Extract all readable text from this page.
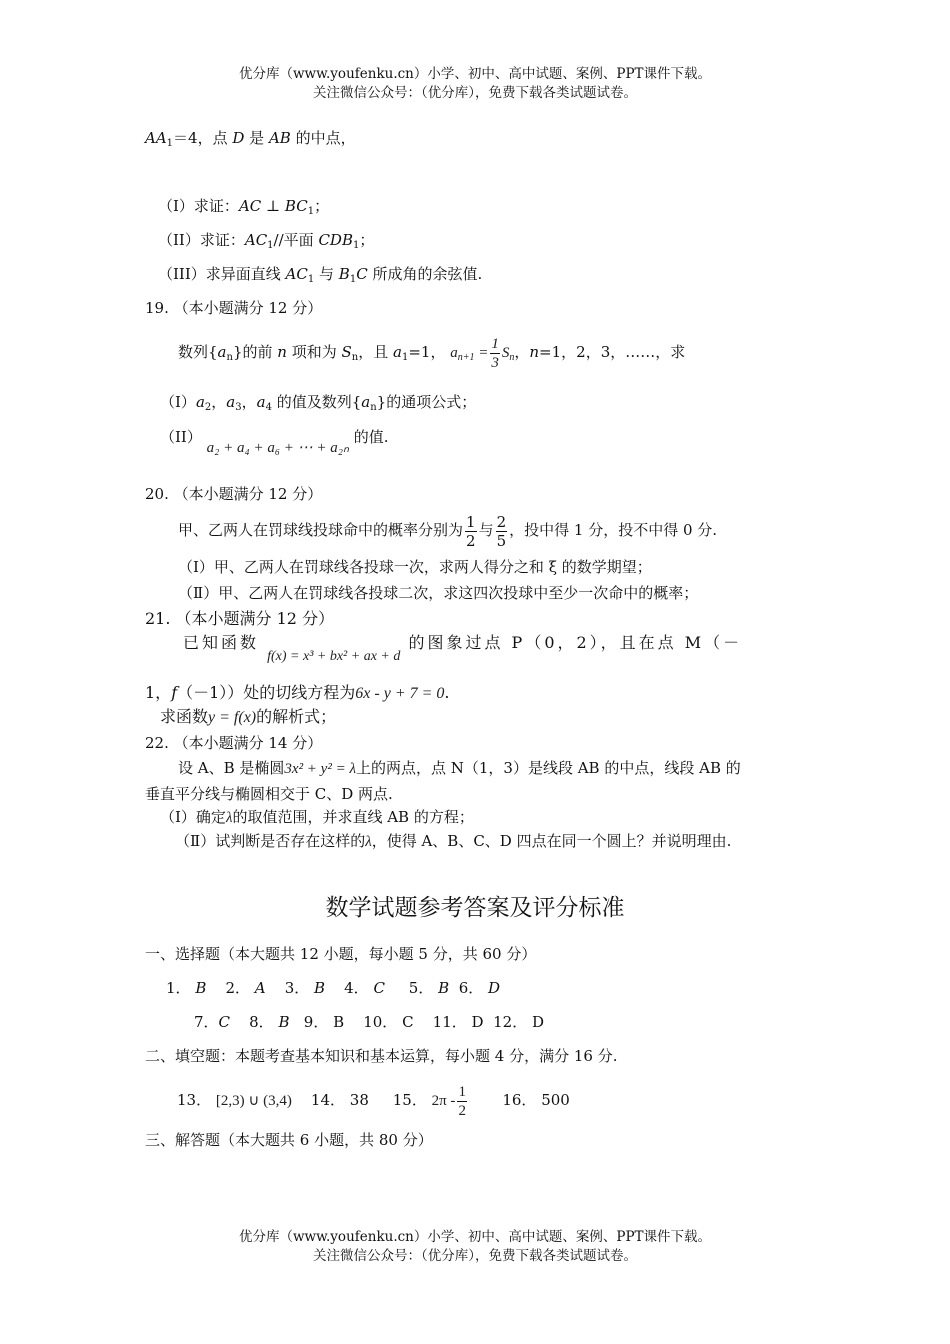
优分库（www.youfenku.cn）小学、初中、高中试题、案例、PPT课件下载。
关注微信公众号：（优分库），免费下载各类试题试卷。
$AA_1=4$，点 D 是 AB 的中点，
（I）求证：AC ⊥ $BC_1$；
（II）求证：$AC_1//$平面 $CDB_1$；
（III）求异面直线 $AC_1$ 与 $B_1C$ 所成角的余弦值.
19. （本小题满分 12 分）
数列$\{a_n\}$的前 n 项和为 $S_n$，且 $a_1=1$， $a_{n+1} = \frac{1}{3} S_n$，n=1，2，3，……，求
$(I)a_2$，$a_3$，$a_4$ 的值及数列$\{a_n\}$的通项公式；
（II） a₂ + a₄ + a₆ + ⋯ + a₂ₙ 的值.
20. （本小题满分 12 分）
甲、乙两人在罚球线投球命中的概率分别为 $\frac{1}{2}$ 与 $\frac{2}{5}$ ，投中得 1 分，投不中得 0 分.
（Ⅰ）甲、乙两人在罚球线各投球一次，求两人得分之和 ξ 的数学期望；
（Ⅱ）甲、乙两人在罚球线各投球二次，求这四次投球中至少一次命中的概率；
21. （本小题满分 12 分）
已知函数 f(x) = x³ + bx² + ax + d 的图象过点 P（0，2），且在点 M（－
1，f（－1））处的切线方程为6x - y + 7 = 0.
求函数y = f(x)的解析式；
22. （本小题满分 14 分）
设 A、B 是椭圆3x² + y² = λ上的两点，点 N（1，3）是线段 AB 的中点，线段 AB 的
垂直平分线与椭圆相交于 C、D 两点.
（Ⅰ）确定λ的取值范围，并求直线 AB 的方程；
（Ⅱ）试判断是否存在这样的λ，使得 A、B、C、D 四点在同一个圆上？并说明理由.
数学试题参考答案及评分标准
一、选择题（本大题共 12 小题，每小题 5 分，共 60 分）
1． B 2． A 3． B 4． C 5． B 6． D
7．C 8． B 9． B 10． C 11． D 12． D
二、填空题：本题考查基本知识和基本运算，每小题 4 分，满分 16 分.
13． [2,3) ∪ (3,4) 14． 38 15． $2\pi - \frac{1}{2} 16$． 500
三、解答题（本大题共 6 小题，共 80 分）
优分库（www.youfenku.cn）小学、初中、高中试题、案例、PPT课件下载。
关注微信公众号：（优分库），免费下载各类试题试卷。
